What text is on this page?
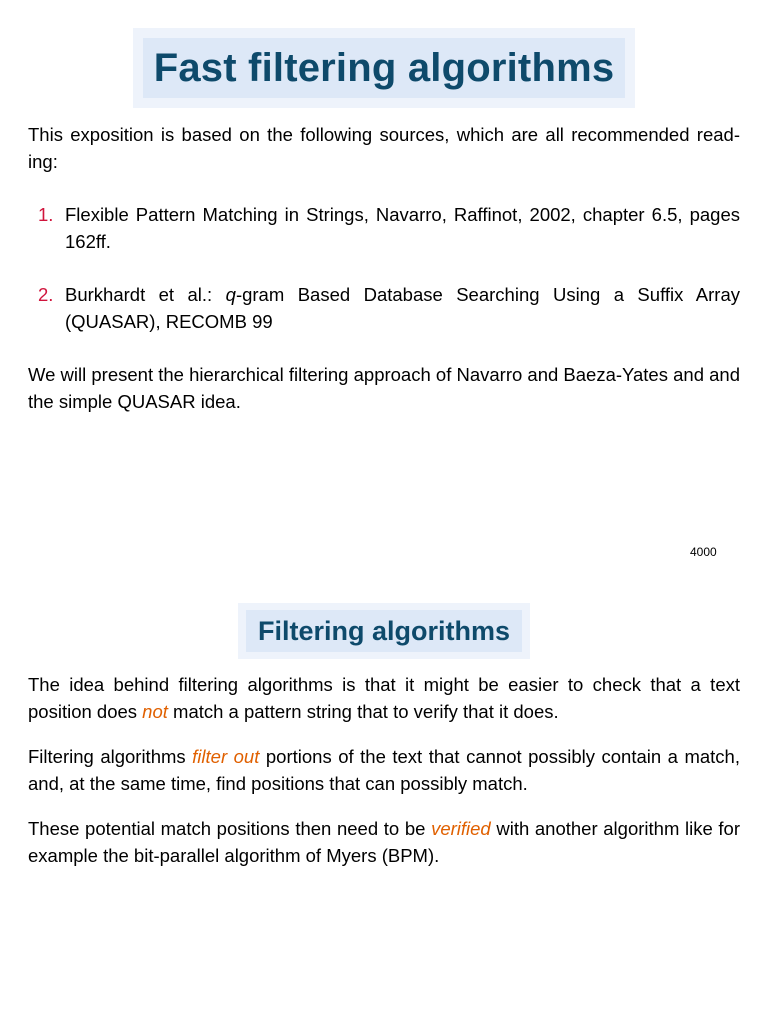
Fast filtering algorithms
This exposition is based on the following sources, which are all recommended read-
ing:
1. Flexible Pattern Matching in Strings, Navarro, Raffinot, 2002, chapter 6.5, pages 162ff.
2. Burkhardt et al.: q-gram Based Database Searching Using a Suffix Array (QUASAR), RECOMB 99
We will present the hierarchical filtering approach of Navarro and Baeza-Yates and and the simple QUASAR idea.
4000
Filtering algorithms
The idea behind filtering algorithms is that it might be easier to check that a text position does not match a pattern string that to verify that it does.
Filtering algorithms filter out portions of the text that cannot possibly contain a match, and, at the same time, find positions that can possibly match.
These potential match positions then need to be verified with another algorithm like for example the bit-parallel algorithm of Myers (BPM).
